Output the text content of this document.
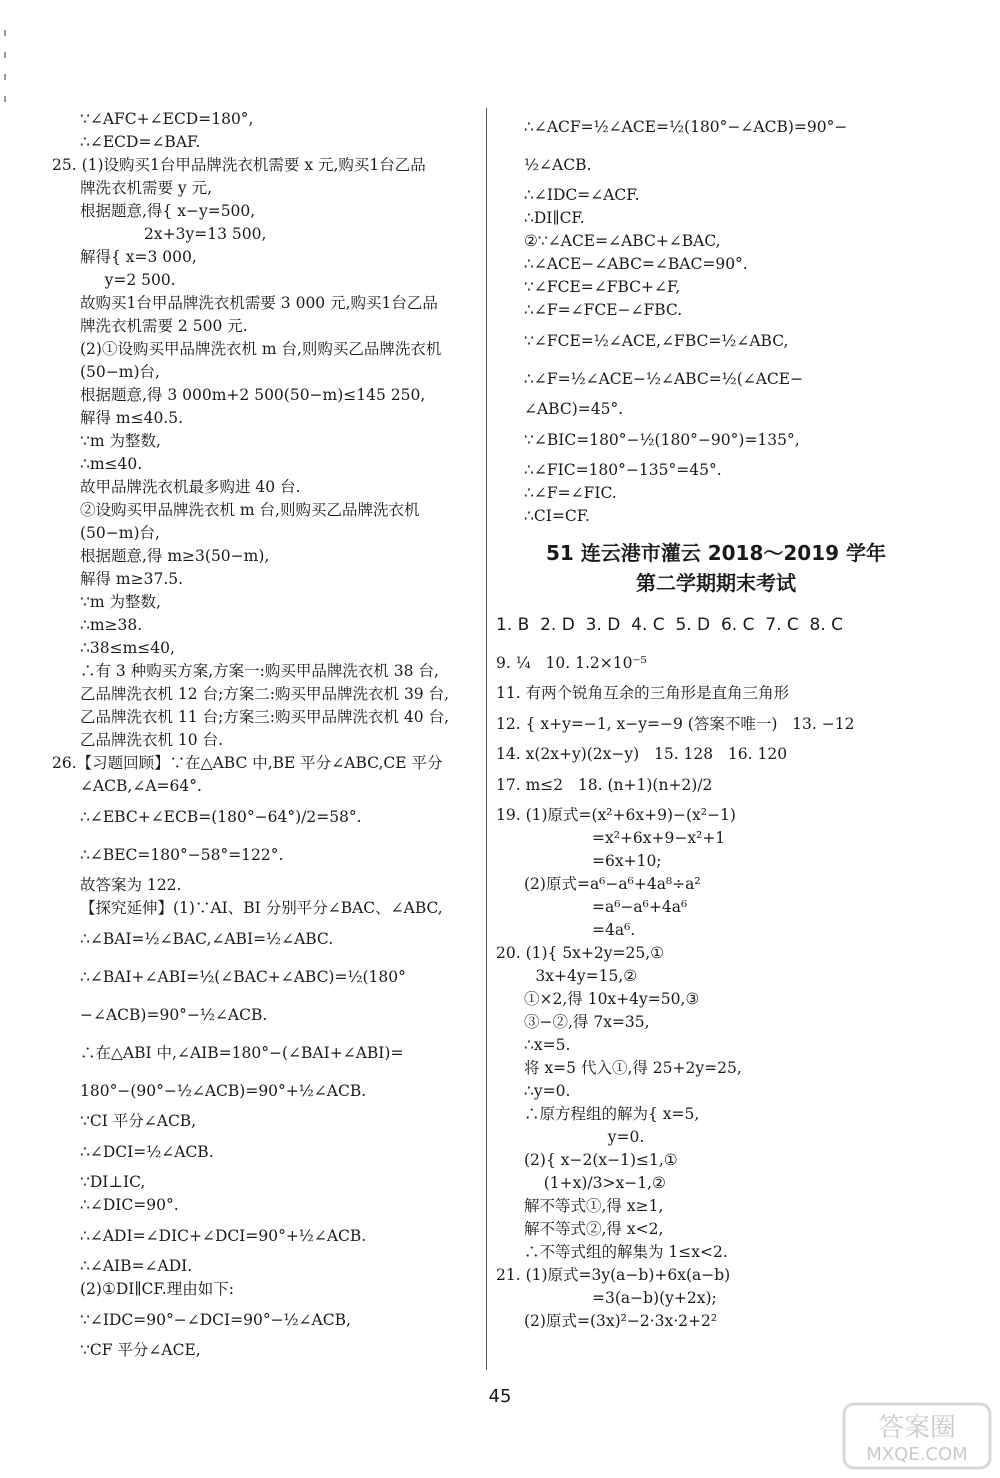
∵∠AFC+∠ECD=180°,
∴∠ECD=∠BAF.
25. (1)设购买1台甲品牌洗衣机需要 x 元,购买1台乙品
牌洗衣机需要 y 元,
根据题意,得{ x−y=500,
2x+3y=13 500,
解得{ x=3 000,
y=2 500.
故购买1台甲品牌洗衣机需要 3 000 元,购买1台乙品
牌洗衣机需要 2 500 元.
(2)①设购买甲品牌洗衣机 m 台,则购买乙品牌洗衣机
(50−m)台,
根据题意,得 3 000m+2 500(50−m)≤145 250,
解得 m≤40.5.
∵m 为整数,
∴m≤40.
故甲品牌洗衣机最多购进 40 台.
②设购买甲品牌洗衣机 m 台,则购买乙品牌洗衣机
(50−m)台,
根据题意,得 m≥3(50−m),
解得 m≥37.5.
∵m 为整数,
∴m≥38.
∴38≤m≤40,
∴有 3 种购买方案,方案一:购买甲品牌洗衣机 38 台,
乙品牌洗衣机 12 台;方案二:购买甲品牌洗衣机 39 台,
乙品牌洗衣机 11 台;方案三:购买甲品牌洗衣机 40 台,
乙品牌洗衣机 10 台.
26.【习题回顾】∵在△ABC 中,BE 平分∠ABC,CE 平分
∠ACB,∠A=64°.
∴∠EBC+∠ECB=(180°−64°)/2=58°.
∴∠BEC=180°−58°=122°.
故答案为 122.
【探究延伸】(1)∵AI、BI 分别平分∠BAC、∠ABC,
∴∠BAI=½∠BAC,∠ABI=½∠ABC.
∴∠BAI+∠ABI=½(∠BAC+∠ABC)=½(180°
−∠ACB)=90°−½∠ACB.
∴在△ABI 中,∠AIB=180°−(∠BAI+∠ABI)=
180°−(90°−½∠ACB)=90°+½∠ACB.
∵CI 平分∠ACB,
∴∠DCI=½∠ACB.
∵DI⊥IC,
∴∠DIC=90°.
∴∠ADI=∠DIC+∠DCI=90°+½∠ACB.
∴∠AIB=∠ADI.
(2)①DI∥CF.理由如下:
∵∠IDC=90°−∠DCI=90°−½∠ACB,
∵CF 平分∠ACE,
∴∠ACF=½∠ACE=½(180°−∠ACB)=90°−
½∠ACB.
∴∠IDC=∠ACF.
∴DI∥CF.
②∵∠ACE=∠ABC+∠BAC,
∴∠ACE−∠ABC=∠BAC=90°.
∵∠FCE=∠FBC+∠F,
∴∠F=∠FCE−∠FBC.
∵∠FCE=½∠ACE,∠FBC=½∠ABC,
∴∠F=½∠ACE−½∠ABC=½(∠ACE−
∠ABC)=45°.
∵∠BIC=180°−½(180°−90°)=135°,
∴∠FIC=180°−135°=45°.
∴∠F=∠FIC.
∴CI=CF.
51 连云港市灌云 2018～2019 学年
第二学期期末考试
1. B  2. D  3. D  4. C  5. D  6. C  7. C  8. C
9. ¼   10. 1.2×10⁻⁵
11. 有两个锐角互余的三角形是直角三角形
12. { x+y=−1, x−y=−9 (答案不唯一)   13. −12
14. x(2x+y)(2x−y)   15. 128   16. 120
17. m≤2   18. (n+1)(n+2)/2
19. (1)原式=(x²+6x+9)−(x²−1)
=x²+6x+9−x²+1
=6x+10;
(2)原式=a⁶−a⁶+4a⁸÷a²
=a⁶−a⁶+4a⁶
=4a⁶.
20. (1){ 5x+2y=25,①
3x+4y=15,②
①×2,得 10x+4y=50,③
③−②,得 7x=35,
∴x=5.
将 x=5 代入①,得 25+2y=25,
∴y=0.
∴原方程组的解为{ x=5,
y=0.
(2){ x−2(x−1)≤1,①
(1+x)/3>x−1,②
解不等式①,得 x≥1,
解不等式②,得 x<2,
∴不等式组的解集为 1≤x<2.
21. (1)原式=3y(a−b)+6x(a−b)
=3(a−b)(y+2x);
(2)原式=(3x)²−2·3x·2+2²
45
答案圈
MXQE.COM
